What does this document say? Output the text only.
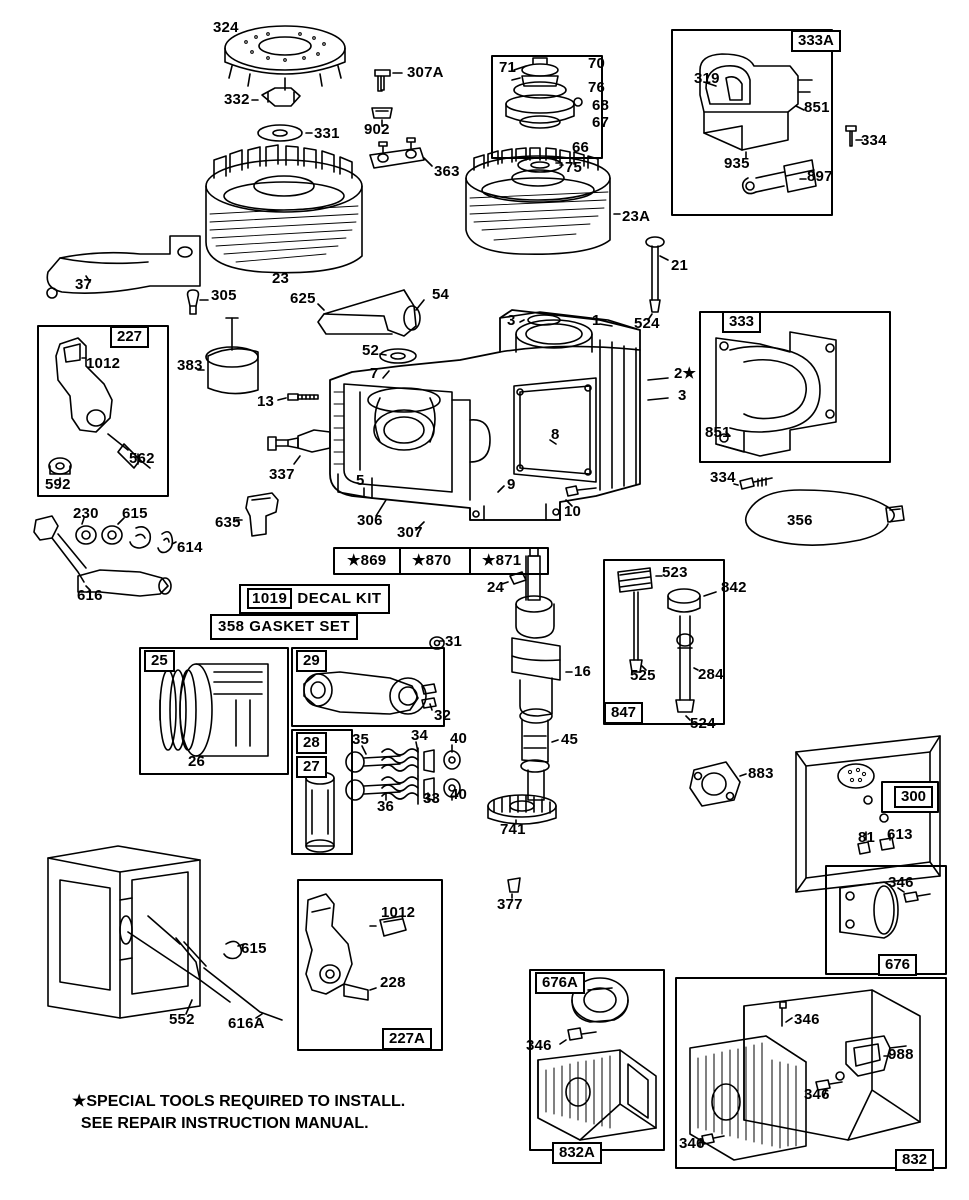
324
307A
332
331 902
363
71	70
76
68
67
66
75
319
333A
851
334
935
897
23
23A
37
305	625	54
21
524
227
1012	383
52
7
3	1
2★
3
333
851
13
562
592
337	5
8
9
10
334
356
635	306
307
230 615
614
616	24
523
842
525	284
847
524
16
31
25	29
32
26
28
27
35	34 40
36 33 40
45
741
883
300
81 613
346
676
377
615
1012
228
227A
552 616A
676A
346
832A
346
988
346
346
832
★869 ★870 ★871
1019 DECAL KIT
358 GASKET SET
★SPECIAL TOOLS REQUIRED TO INSTALL.
SEE REPAIR INSTRUCTION MANUAL.
